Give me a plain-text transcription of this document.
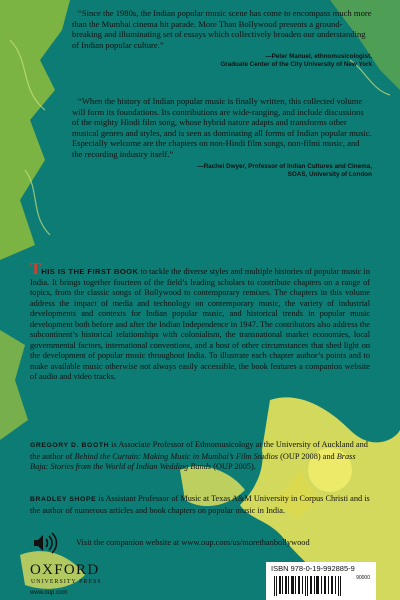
“Since the 1980s, the Indian popular music scene has come to encompass much more than the Mumbai cinema hit parade. More Than Bollywood presents a ground-breaking and illuminating set of essays which collectively broaden our understanding of Indian popular culture.”

—Peter Manuel, ethnomusicologist,
Graduate Center of the City University of New York

“When the history of Indian popular music is finally written, this collected volume will form its foundations. Its contributions are wide-ranging, and include discussions of the mighty Hindi film song, whose hybrid nature adapts and transforms other musical genres and styles, and is seen as dominating all forms of Indian popular music. Especially welcome are the chapters on non-Hindi film songs, non-filmi music, and the recording industry itself.”

—Rachel Dwyer, Professor of Indian Cultures and Cinema,
SOAS, University of London
THIS IS THE FIRST BOOK to tackle the diverse styles and multiple histories of popular music in India. It brings together fourteen of the field’s leading scholars to contribute chapters on a range of topics, from the classic songs of Bollywood to contemporary remixes. The chapters in this volume address the impact of media and technology on contemporary music, the variety of industrial developments and contexts for Indian popular music, and historical trends in popular music development both before and after the Indian Independence in 1947. The contributors also address the subcontinent’s historical relationships with colonialism, the transnational market economies, local governmental factors, international conventions, and a host of other circumstances that shed light on the development of popular music throughout India. To illustrate each chapter author’s points and to make available music otherwise not always easily accessible, the book features a companion website of audio and video tracks.
GREGORY D. BOOTH is Associate Professor of Ethnomusicology at the University of Auckland and the author of Behind the Curtain: Making Music in Mumbai’s Film Studios (OUP 2008) and Brass Baja: Stories from the World of Indian Wedding Bands (OUP 2005).
BRADLEY SHOPE is Assistant Professor of Music at Texas A&M University in Corpus Christi and is the author of numerous articles and book chapters on popular music in India.
Visit the companion website at www.oup.com/us/morethanbollywood
OXFORD
UNIVERSITY PRESS
www.oup.com
ISBN 978-0-19-992885-9
90000
